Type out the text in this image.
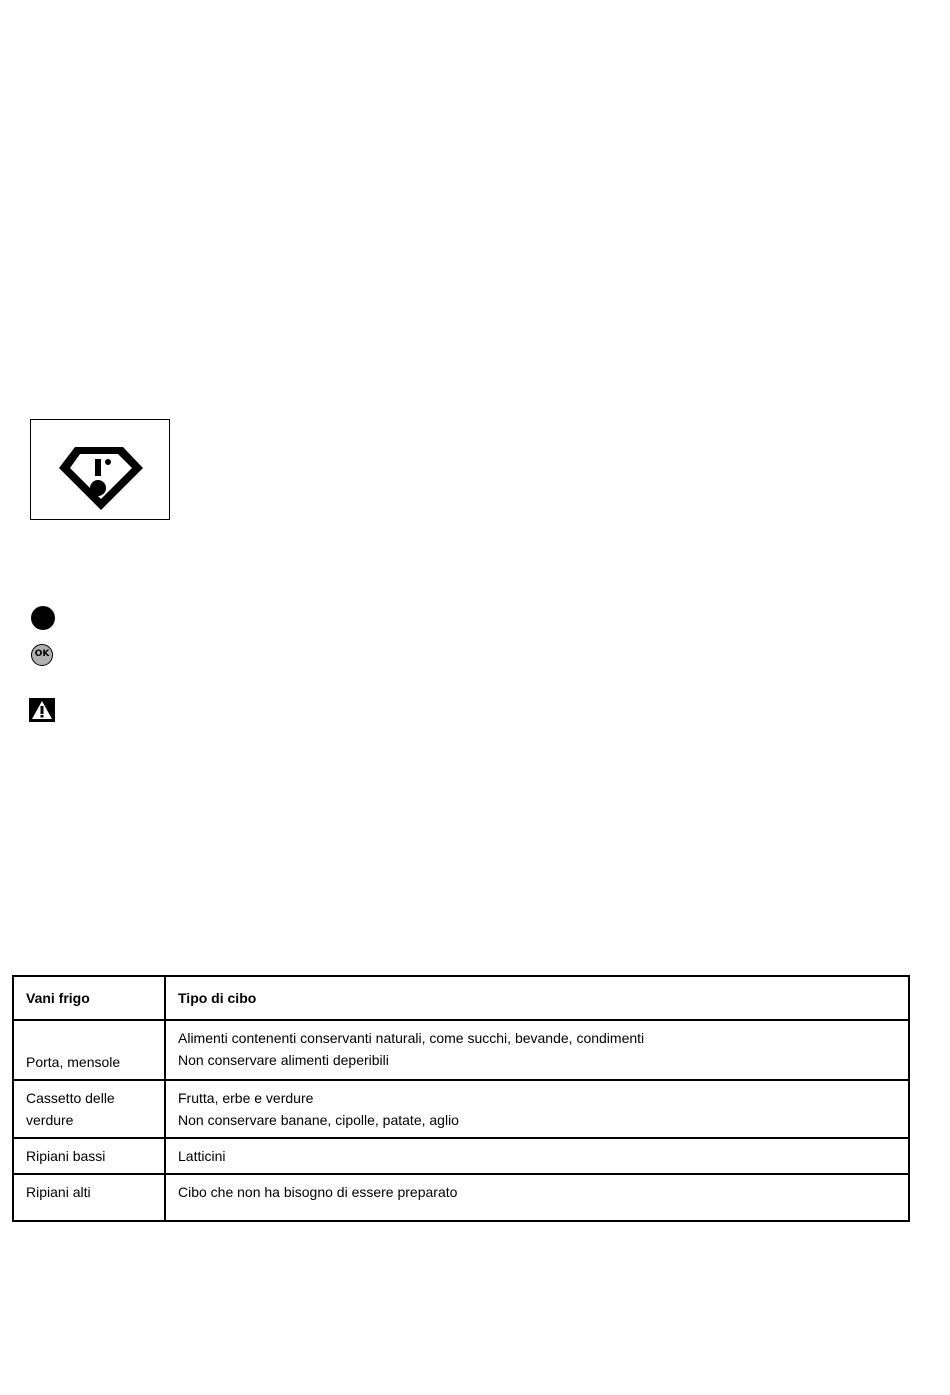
OK
Vani frigo	Tipo di cibo
Porta, mensole	Alimenti contenenti conservanti naturali, come succhi, bevande, condimenti
Non conservare alimenti deperibili

Cassetto delle verdure	Frutta, erbe e verdure
Non conservare banane, cipolle, patate, aglio

Ripiani bassi	Latticini

Ripiani alti	Cibo che non ha bisogno di essere preparato
